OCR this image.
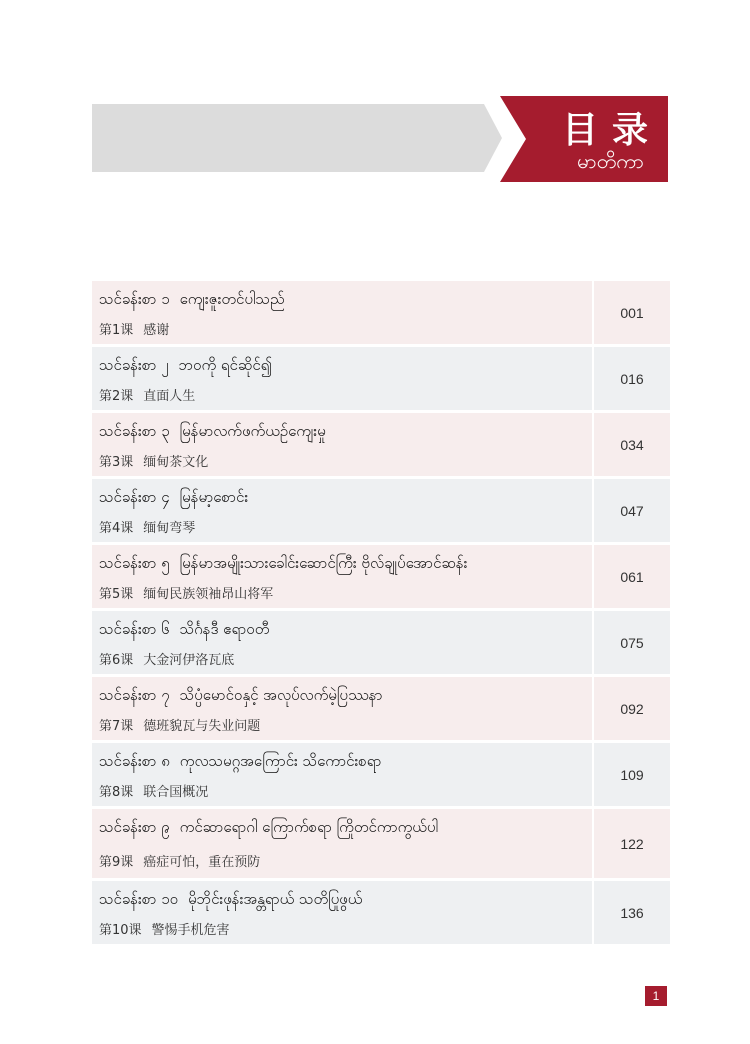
目录
မာတိကာ
သင်ခန်းစာ ၁ ကျေးဇူးတင်ပါသည်
第1课 感谢
001
သင်ခန်းစာ ၂ ဘဝကို ရင်ဆိုင်၍
第2课 直面人生
016
သင်ခန်းစာ ၃ မြန်မာလက်ဖက်ယဉ်ကျေးမှု
第3课 缅甸茶文化
034
သင်ခန်းစာ ၄ မြန်မာ့စောင်း
第4课 缅甸弯琴
047
သင်ခန်းစာ ၅ မြန်မာအမျိုးသားခေါင်းဆောင်ကြီး ဗိုလ်ချုပ်အောင်ဆန်း
第5课 缅甸民族领袖昂山将军
061
သင်ခန်းစာ ၆ သိင်္ဂနဒီ ဧရာဝတီ
第6课 大金河伊洛瓦底
075
သင်ခန်းစာ ၇ သိပ္ပံမောင်ဝနှင့် အလုပ်လက်မဲ့ပြဿနာ
第7课 德班貌瓦与失业问题
092
သင်ခန်းစာ ၈ ကုလသမဂ္ဂအကြောင်း သိကောင်းစရာ
第8课 联合国概况
109
သင်ခန်းစာ ၉ ကင်ဆာရောဂါ ကြောက်စရာ ကြိုတင်ကာကွယ်ပါ
第9课 癌症可怕，重在预防
122
သင်ခန်းစာ ၁၀ မိုဘိုင်းဖုန်းအန္တရာယ် သတိပြုဖွယ်
第10课 警惕手机危害
136
1
